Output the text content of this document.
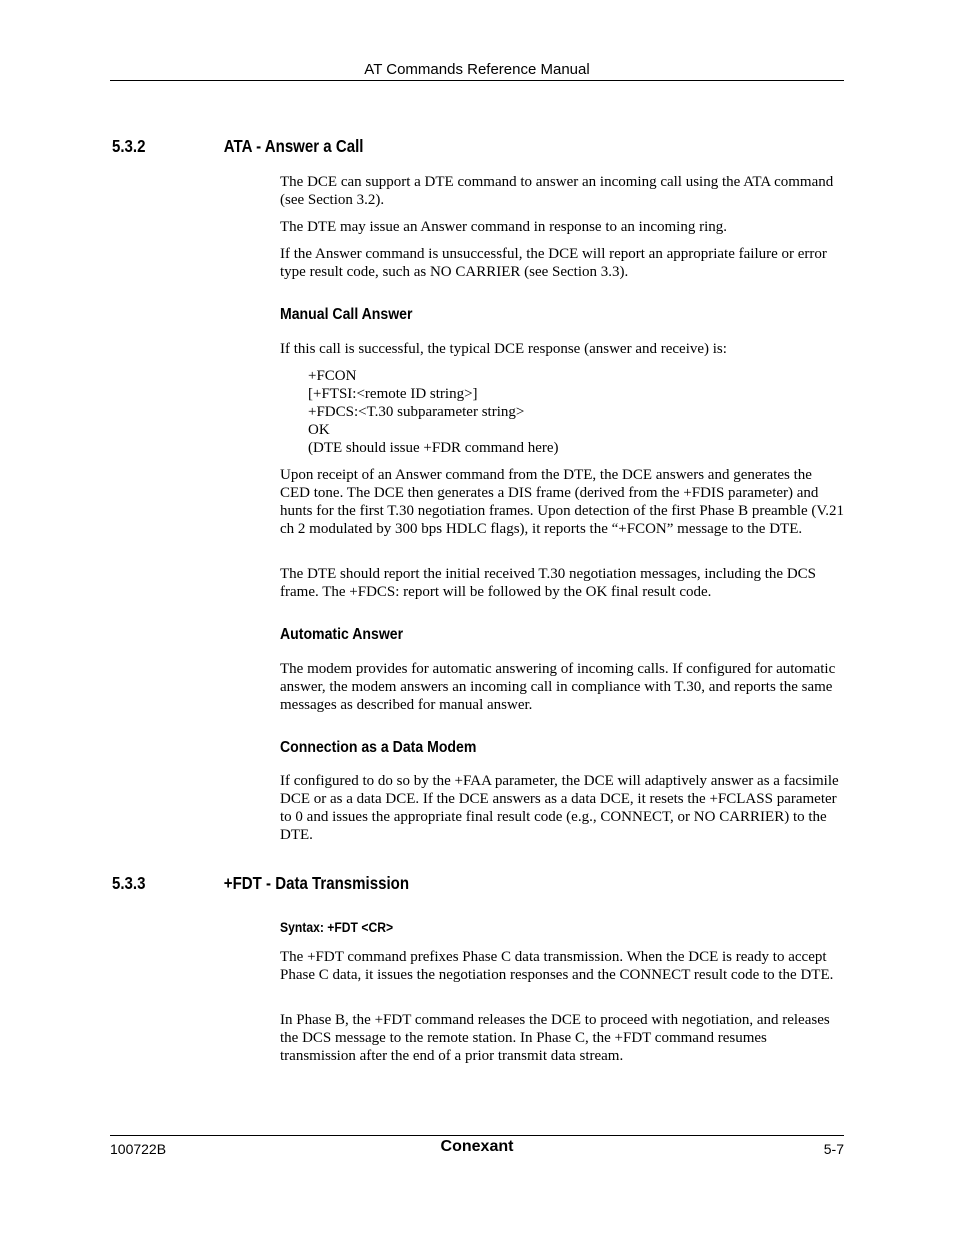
AT Commands Reference Manual
5.3.2	ATA - Answer a Call

The DCE can support a DTE command to answer an incoming call using the ATA command (see Section 3.2).

The DTE may issue an Answer command in response to an incoming ring.

If the Answer command is unsuccessful, the DCE will report an appropriate failure or error type result code, such as NO CARRIER (see Section 3.3).

Manual Call Answer

If this call is successful, the typical DCE response (answer and receive) is:

+FCON
[+FTSI:<remote ID string>]
+FDCS:<T.30 subparameter string>
OK
(DTE should issue +FDR command here)

Upon receipt of an Answer command from the DTE, the DCE answers and generates the CED tone. The DCE then generates a DIS frame (derived from the +FDIS parameter) and hunts for the first T.30 negotiation frames. Upon detection of the first Phase B preamble (V.21 ch 2 modulated by 300 bps HDLC flags), it reports the “+FCON” message to the DTE.

The DTE should report the initial received T.30 negotiation messages, including the DCS frame. The +FDCS: report will be followed by the OK final result code.

Automatic Answer

The modem provides for automatic answering of incoming calls. If configured for automatic answer, the modem answers an incoming call in compliance with T.30, and reports the same messages as described for manual answer.

Connection as a Data Modem

If configured to do so by the +FAA parameter, the DCE will adaptively answer as a facsimile DCE or as a data DCE. If the DCE answers as a data DCE, it resets the +FCLASS parameter to 0 and issues the appropriate final result code (e.g., CONNECT, or NO CARRIER) to the DTE.

5.3.3	+FDT - Data Transmission
Syntax: +FDT <CR>

The +FDT command prefixes Phase C data transmission. When the DCE is ready to accept Phase C data, it issues the negotiation responses and the CONNECT result code to the DTE.

In Phase B, the +FDT command releases the DCE to proceed with negotiation, and releases the DCS message to the remote station. In Phase C, the +FDT command resumes transmission after the end of a prior transmit data stream.

100722B	Conexant	5-7
